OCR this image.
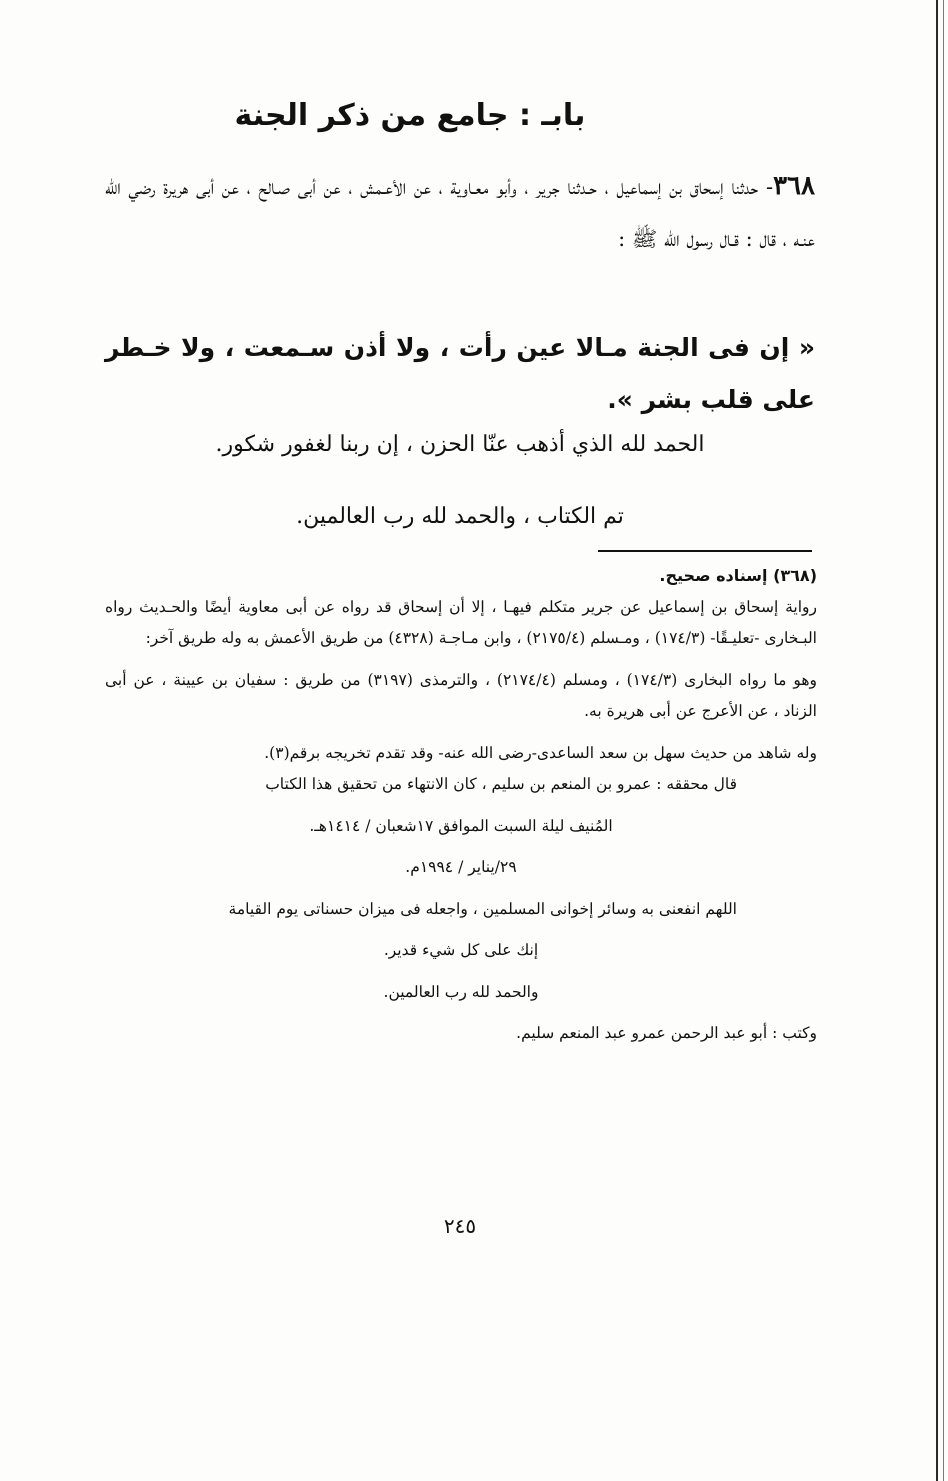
بابـ : جامع من ذكر الجنة
٣٦٨- حدثنا إسحاق بن إسماعيل ، حـدثنا جرير ، وأبو معـاوية ، عن الأعـمش ، عن أبى صـالح ، عن أبى هريرة رضي الله عنـه ، قال : قـال رسول الله ﷺ :
« إن فى الجنة مـالا عين رأت ، ولا أذن سـمعت ، ولا خـطر على قلب بشر ».
الحمد لله الذي أذهب عنّا الحزن ، إن ربنا لغفور شكور.
تم الكتاب ، والحمد لله رب العالمين.

(٣٦٨) إسناده صحيح.

رواية إسحاق بن إسماعيل عن جرير متكلم فيهـا ، إلا أن إسحاق قد رواه عن أبى معاوية أيضًا والحـديث رواه البـخارى -تعليـقًا- (١٧٤/٣) ، ومـسلم (٢١٧٥/٤) ، وابن مـاجـة (٤٣٢٨) من طريق الأعمش به وله طريق آخر:

وهو ما رواه البخارى (١٧٤/٣) ، ومسلم (٢١٧٤/٤) ، والترمذى (٣١٩٧) من طريق : سفيان بن عيينة ، عن أبى الزناد ، عن الأعرج عن أبى هريرة به.

وله شاهد من حديث سهل بن سعد الساعدى-رضى الله عنه- وقد تقدم تخريجه برقم(٣).

قال محققه : عمرو بن المنعم بن سليم ، كان الانتهاء من تحقيق هذا الكتاب

المُنيف ليلة السبت الموافق ١٧شعبان / ١٤١٤هـ.

٢٩/يناير / ١٩٩٤م.

اللهم انفعنى به وسائر إخوانى المسلمين ، واجعله فى ميزان حسناتى يوم القيامة

إنك على كل شيء قدير.

والحمد لله رب العالمين.

وكتب : أبو عبد الرحمن عمرو عبد المنعم سليم.

٢٤٥
